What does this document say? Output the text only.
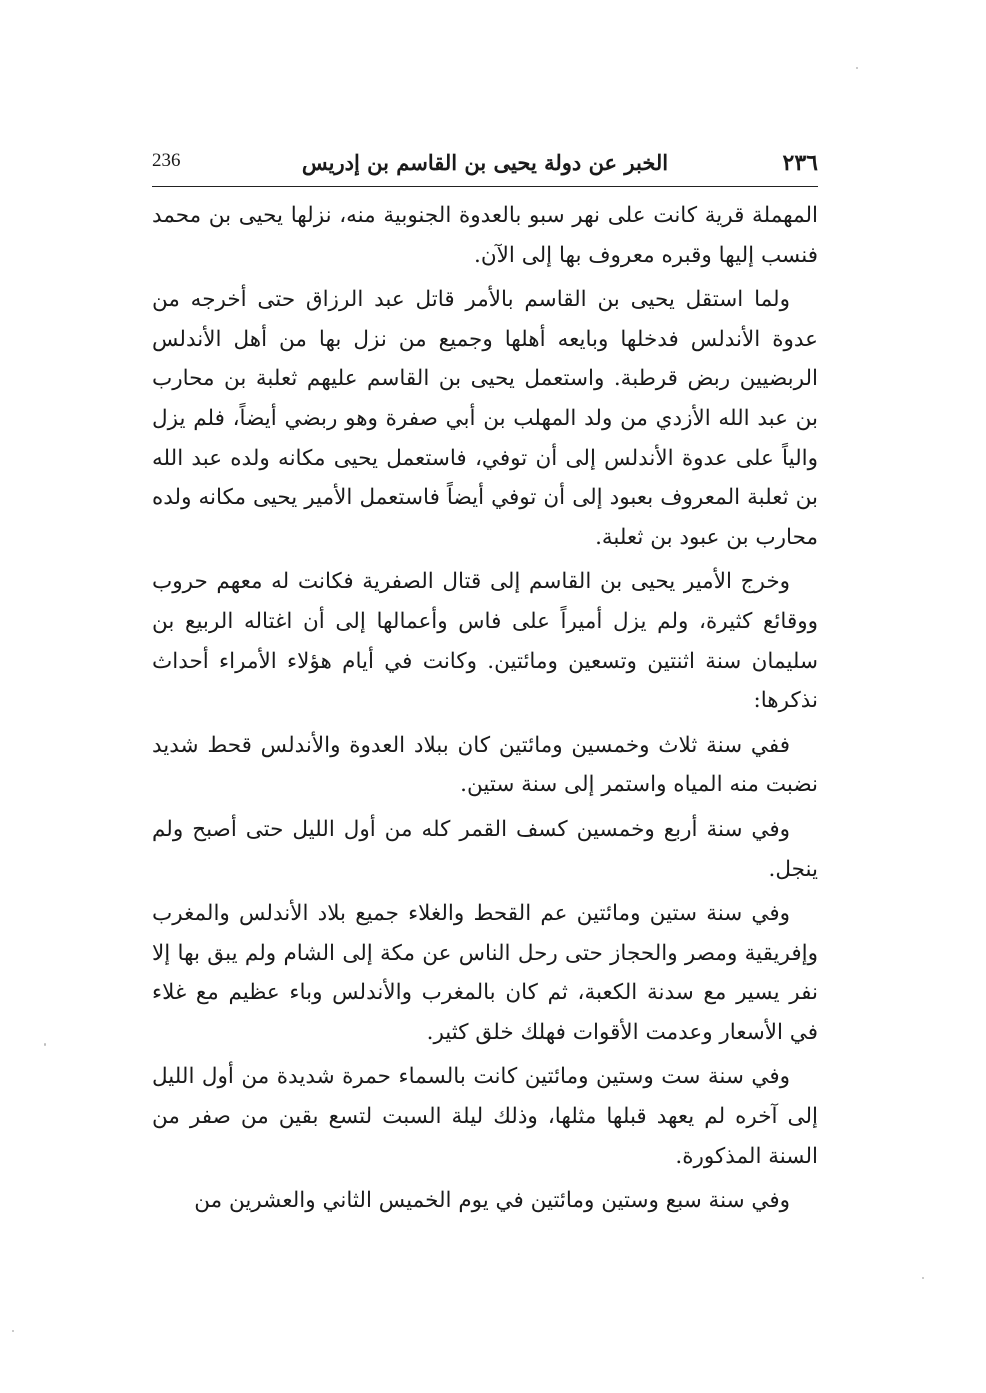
٢٣٦
الخبر عن دولة يحيى بن القاسم بن إدريس
236

المهملة قرية كانت على نهر سبو بالعدوة الجنوبية منه، نزلها يحيى بن محمد فنسب إليها وقبره معروف بها إلى الآن.

ولما استقل يحيى بن القاسم بالأمر قاتل عبد الرزاق حتى أخرجه من عدوة الأندلس فدخلها وبايعه أهلها وجميع من نزل بها من أهل الأندلس الربضيين ربض قرطبة. واستعمل يحيى بن القاسم عليهم ثعلبة بن محارب بن عبد الله الأزدي من ولد المهلب بن أبي صفرة وهو ربضي أيضاً، فلم يزل والياً على عدوة الأندلس إلى أن توفي، فاستعمل يحيى مكانه ولده عبد الله بن ثعلبة المعروف بعبود إلى أن توفي أيضاً فاستعمل الأمير يحيى مكانه ولده محارب بن عبود بن ثعلبة.

وخرج الأمير يحيى بن القاسم إلى قتال الصفرية فكانت له معهم حروب ووقائع كثيرة، ولم يزل أميراً على فاس وأعمالها إلى أن اغتاله الربيع بن سليمان سنة اثنتين وتسعين ومائتين. وكانت في أيام هؤلاء الأمراء أحداث نذكرها:

ففي سنة ثلاث وخمسين ومائتين كان ببلاد العدوة والأندلس قحط شديد نضبت منه المياه واستمر إلى سنة ستين.

وفي سنة أربع وخمسين كسف القمر كله من أول الليل حتى أصبح ولم ينجل.

وفي سنة ستين ومائتين عم القحط والغلاء جميع بلاد الأندلس والمغرب وإفريقية ومصر والحجاز حتى رحل الناس عن مكة إلى الشام ولم يبق بها إلا نفر يسير مع سدنة الكعبة، ثم كان بالمغرب والأندلس وباء عظيم مع غلاء في الأسعار وعدمت الأقوات فهلك خلق كثير.

وفي سنة ست وستين ومائتين كانت بالسماء حمرة شديدة من أول الليل إلى آخره لم يعهد قبلها مثلها، وذلك ليلة السبت لتسع بقين من صفر من السنة المذكورة.

وفي سنة سبع وستين ومائتين في يوم الخميس الثاني والعشرين من
